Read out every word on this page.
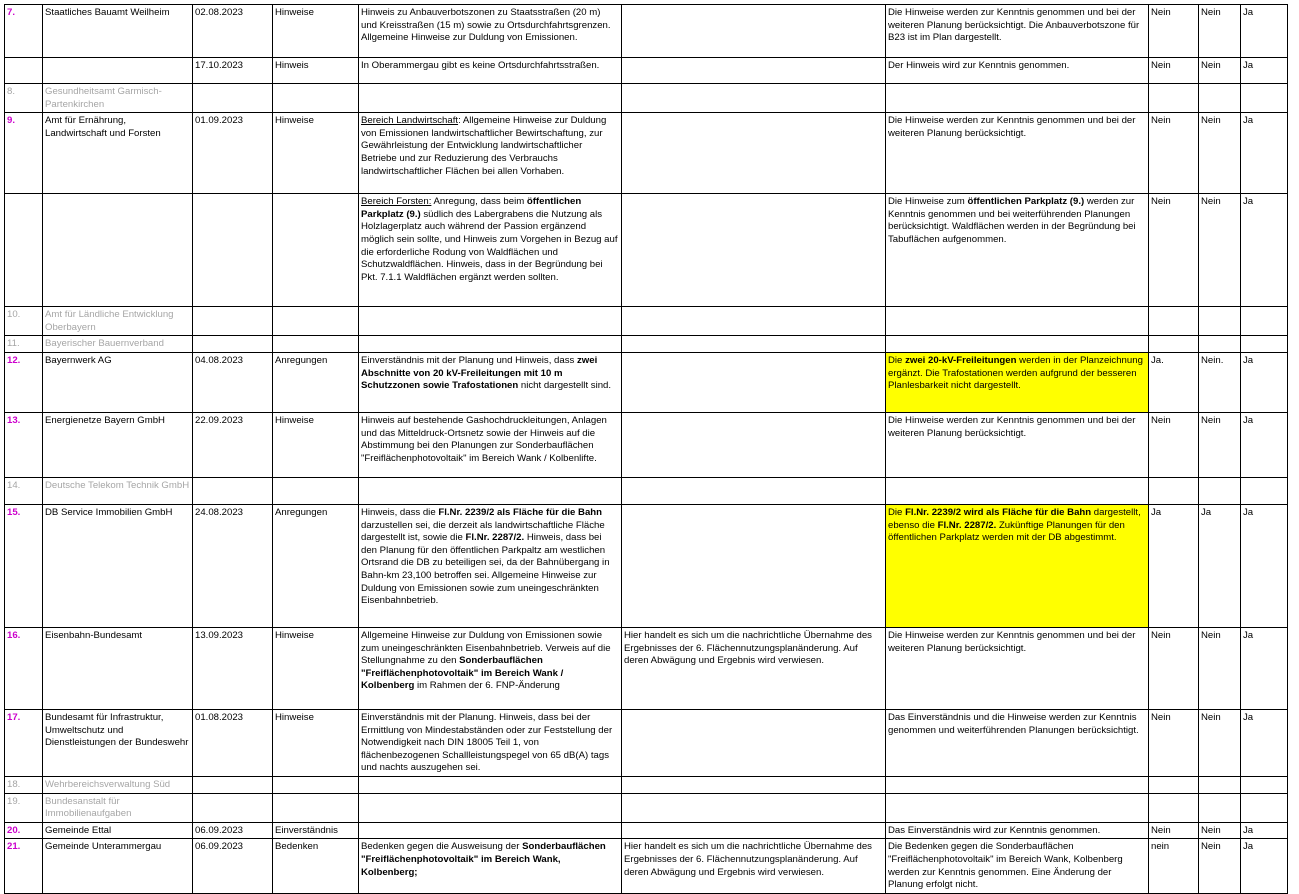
7.	Staatliches Bauamt Weilheim	02.08.2023	Hinweise	Hinweis zu Anbauverbotszonen zu Staatsstraßen (20 m) und Kreisstraßen (15 m) sowie zu Ortsdurchfahrtsgrenzen. Allgemeine Hinweise zur Duldung von Emissionen.		Die Hinweise werden zur Kenntnis genommen und bei der weiteren Planung berücksichtigt. Die Anbauverbotszone für B23 ist im Plan dargestellt.	Nein	Nein	Ja
		17.10.2023	Hinweis	In Oberammergau gibt es keine Ortsdurchfahrtsstraßen.		Der Hinweis wird zur Kenntnis genommen.	Nein	Nein	Ja
8.	Gesundheitsamt Garmisch-Partenkirchen								
9.	Amt für Ernährung, Landwirtschaft und Forsten	01.09.2023	Hinweise	Bereich Landwirtschaft: Allgemeine Hinweise zur Duldung von Emissionen landwirtschaftlicher Bewirtschaftung, zur Gewährleistung der Entwicklung landwirtschaftlicher Betriebe und zur Reduzierung des Verbrauchs landwirtschaftlicher Flächen bei allen Vorhaben.		Die Hinweise werden zur Kenntnis genommen und bei der weiteren Planung berücksichtigt.	Nein	Nein	Ja
				Bereich Forsten: Anregung, dass beim öffentlichen Parkplatz (9.) südlich des Labergrabens die Nutzung als Holzlagerplatz auch während der Passion ergänzend möglich sein sollte, und Hinweis zum Vorgehen in Bezug auf die erforderliche Rodung von Waldflächen und Schutzwaldflächen. Hinweis, dass in der Begründung bei Pkt. 7.1.1 Waldflächen ergänzt werden sollten.		Die Hinweise zum öffentlichen Parkplatz (9.) werden zur Kenntnis genommen und bei weiterführenden Planungen berücksichtigt. Waldflächen werden in der Begründung bei Tabuflächen aufgenommen.	Nein	Nein	Ja
10.	Amt für Ländliche Entwicklung Oberbayern								
11.	Bayerischer Bauernverband								
12.	Bayernwerk AG	04.08.2023	Anregungen	Einverständnis mit der Planung und Hinweis, dass zwei Abschnitte von 20 kV-Freileitungen mit 10 m Schutzzonen sowie Trafostationen nicht dargestellt sind.		Die zwei 20-kV-Freileitungen werden in der Planzeichnung ergänzt. Die Trafostationen werden aufgrund der besseren Planlesbarkeit nicht dargestellt.	Ja.	Nein.	Ja
13.	Energienetze Bayern GmbH	22.09.2023	Hinweise	Hinweis auf bestehende Gashochdruckleitungen, Anlagen und das Mitteldruck-Ortsnetz sowie der Hinweis auf die Abstimmung bei den Planungen zur Sonderbauflächen "Freiflächenphotovoltaik" im Bereich Wank / Kolbenlifte.		Die Hinweise werden zur Kenntnis genommen und bei der weiteren Planung berücksichtigt.	Nein	Nein	Ja
14.	Deutsche Telekom Technik GmbH								
15.	DB Service Immobilien GmbH	24.08.2023	Anregungen	Hinweis, dass die Fl.Nr. 2239/2 als Fläche für die Bahn darzustellen sei, die derzeit als landwirtschaftliche Fläche dargestellt ist, sowie die Fl.Nr. 2287/2. Hinweis, dass bei den Planung für den öffentlichen Parkpaltz am westlichen Ortsrand die DB zu beteiligen sei, da der Bahnübergang in Bahn-km 23,100 betroffen sei. Allgemeine Hinweise zur Duldung von Emissionen sowie zum uneingeschränkten Eisenbahnbetrieb.		Die Fl.Nr. 2239/2 wird als Fläche für die Bahn dargestellt, ebenso die Fl.Nr. 2287/2. Zukünftige Planungen für den öffentlichen Parkplatz werden mit der DB abgestimmt.	Ja	Ja	Ja
16.	Eisenbahn-Bundesamt	13.09.2023	Hinweise	Allgemeine Hinweise zur Duldung von Emissionen sowie zum uneingeschränkten Eisenbahnbetrieb. Verweis auf die Stellungnahme zu den Sonderbauflächen "Freiflächenphotovoltaik" im Bereich Wank / Kolbenberg im Rahmen der 6. FNP-Änderung	Hier handelt es sich um die nachrichtliche Übernahme des Ergebnisses der 6. Flächennutzungsplanänderung. Auf deren Abwägung und Ergebnis wird verwiesen.	Die Hinweise werden zur Kenntnis genommen und bei der weiteren Planung berücksichtigt.	Nein	Nein	Ja
17.	Bundesamt für Infrastruktur, Umweltschutz und Dienstleistungen der Bundeswehr	01.08.2023	Hinweise	Einverständnis mit der Planung. Hinweis, dass bei der Ermittlung von Mindestabständen oder zur Feststellung der Notwendigkeit nach DIN 18005 Teil 1, von flächenbezogenen Schallleistungspegel von 65 dB(A) tags und nachts auszugehen sei.		Das Einverständnis und die Hinweise werden zur Kenntnis genommen und weiterführenden Planungen berücksichtigt.	Nein	Nein	Ja
18.	Wehrbereichsverwaltung Süd								
19.	Bundesanstalt für Immobilienaufgaben								
20.	Gemeinde Ettal	06.09.2023	Einverständnis			Das Einverständnis wird zur Kenntnis genommen.	Nein	Nein	Ja
21.	Gemeinde Unterammergau	06.09.2023	Bedenken	Bedenken gegen die Ausweisung der Sonderbauflächen "Freiflächenphotovoltaik" im Bereich Wank, Kolbenberg;	Hier handelt es sich um die nachrichtliche Übernahme des Ergebnisses der 6. Flächennutzungsplanänderung. Auf deren Abwägung und Ergebnis wird verwiesen.	Die Bedenken gegen die Sonderbauflächen "Freiflächenphotovoltaik" im Bereich Wank, Kolbenberg werden zur Kenntnis genommen. Eine Änderung der Planung erfolgt nicht.	nein	Nein	Ja
